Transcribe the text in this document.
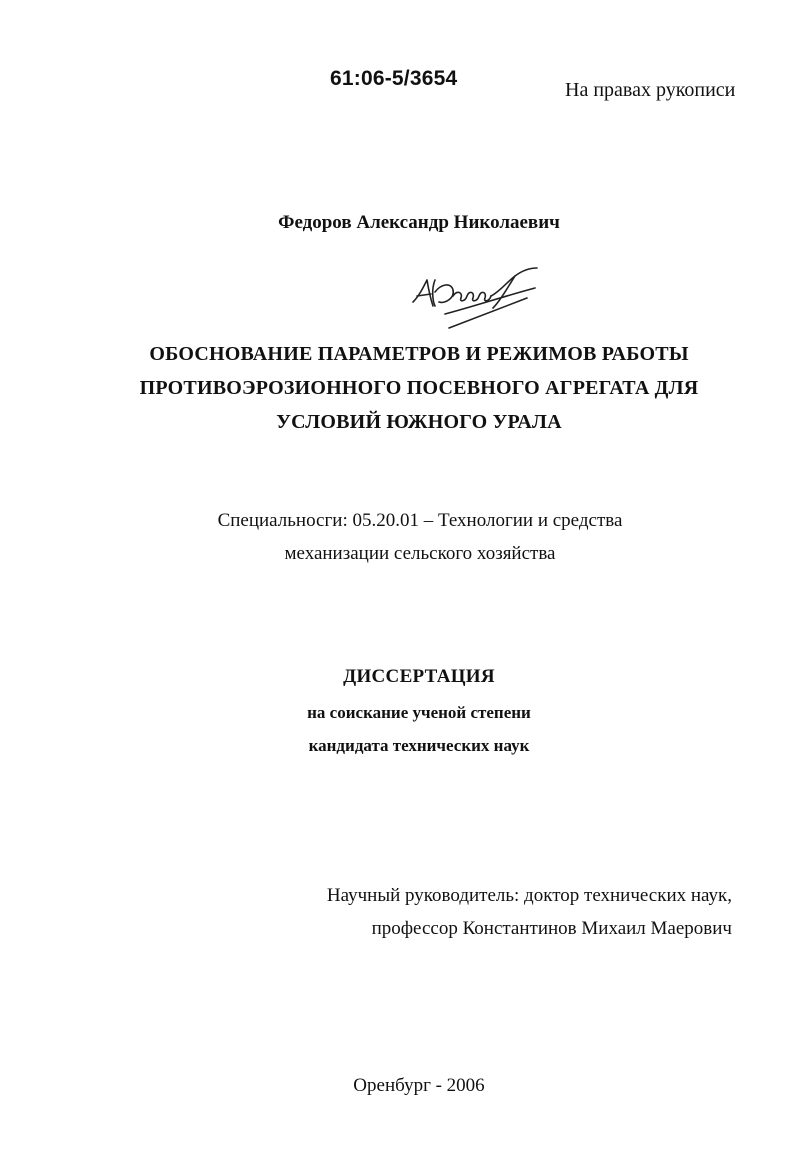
61:06-5/3654	На правах рукописи
Федоров Александр Николаевич
ОБОСНОВАНИЕ ПАРАМЕТРОВ И РЕЖИМОВ РАБОТЫ
ПРОТИВОЭРОЗИОННОГО ПОСЕВНОГО АГРЕГАТА ДЛЯ
УСЛОВИЙ ЮЖНОГО УРАЛА
Специальносги: 05.20.01 – Технологии и средства
механизации сельского хозяйства
ДИССЕРТАЦИЯ
на соискание ученой степени
кандидата технических наук
Научный руководитель: доктор технических наук,
профессор Константинов Михаил Маерович
Оренбург - 2006
